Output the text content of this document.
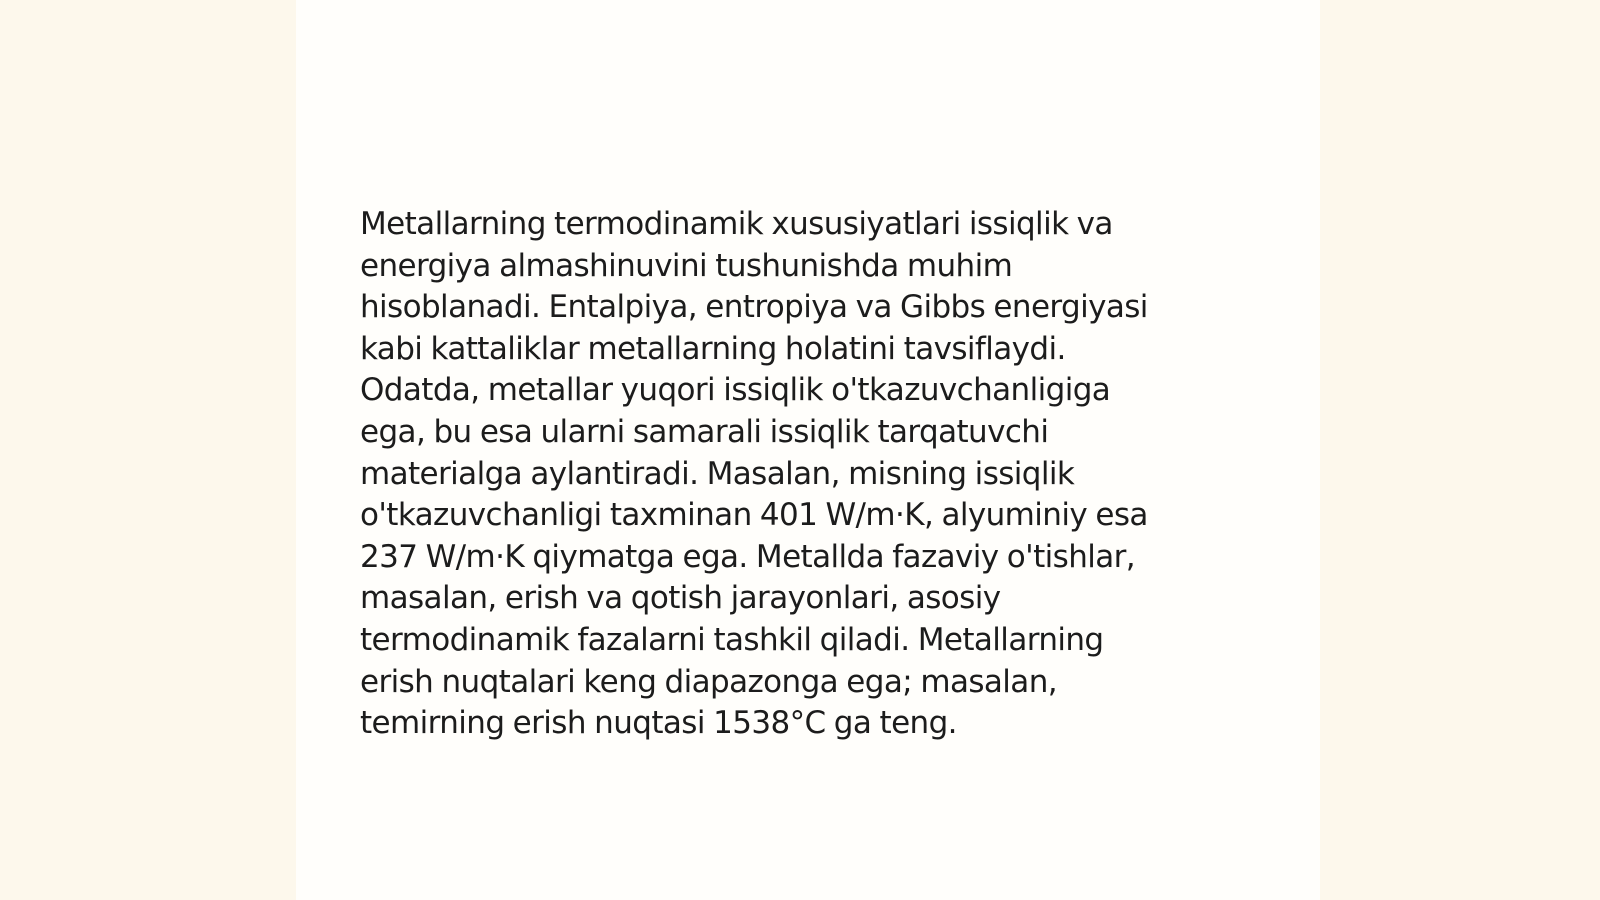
Metallarning termodinamik xususiyatlari issiqlik va
energiya almashinuvini tushunishda muhim
hisoblanadi. Entalpiya, entropiya va Gibbs energiyasi
kabi kattaliklar metallarning holatini tavsiflaydi.
Odatda, metallar yuqori issiqlik o'tkazuvchanligiga
ega, bu esa ularni samarali issiqlik tarqatuvchi
materialga aylantiradi. Masalan, misning issiqlik
o'tkazuvchanligi taxminan 401 W/m·K, alyuminiy esa
237 W/m·K qiymatga ega. Metallda fazaviy o'tishlar,
masalan, erish va qotish jarayonlari, asosiy
termodinamik fazalarni tashkil qiladi. Metallarning
erish nuqtalari keng diapazonga ega; masalan,
temirning erish nuqtasi 1538°C ga teng.
